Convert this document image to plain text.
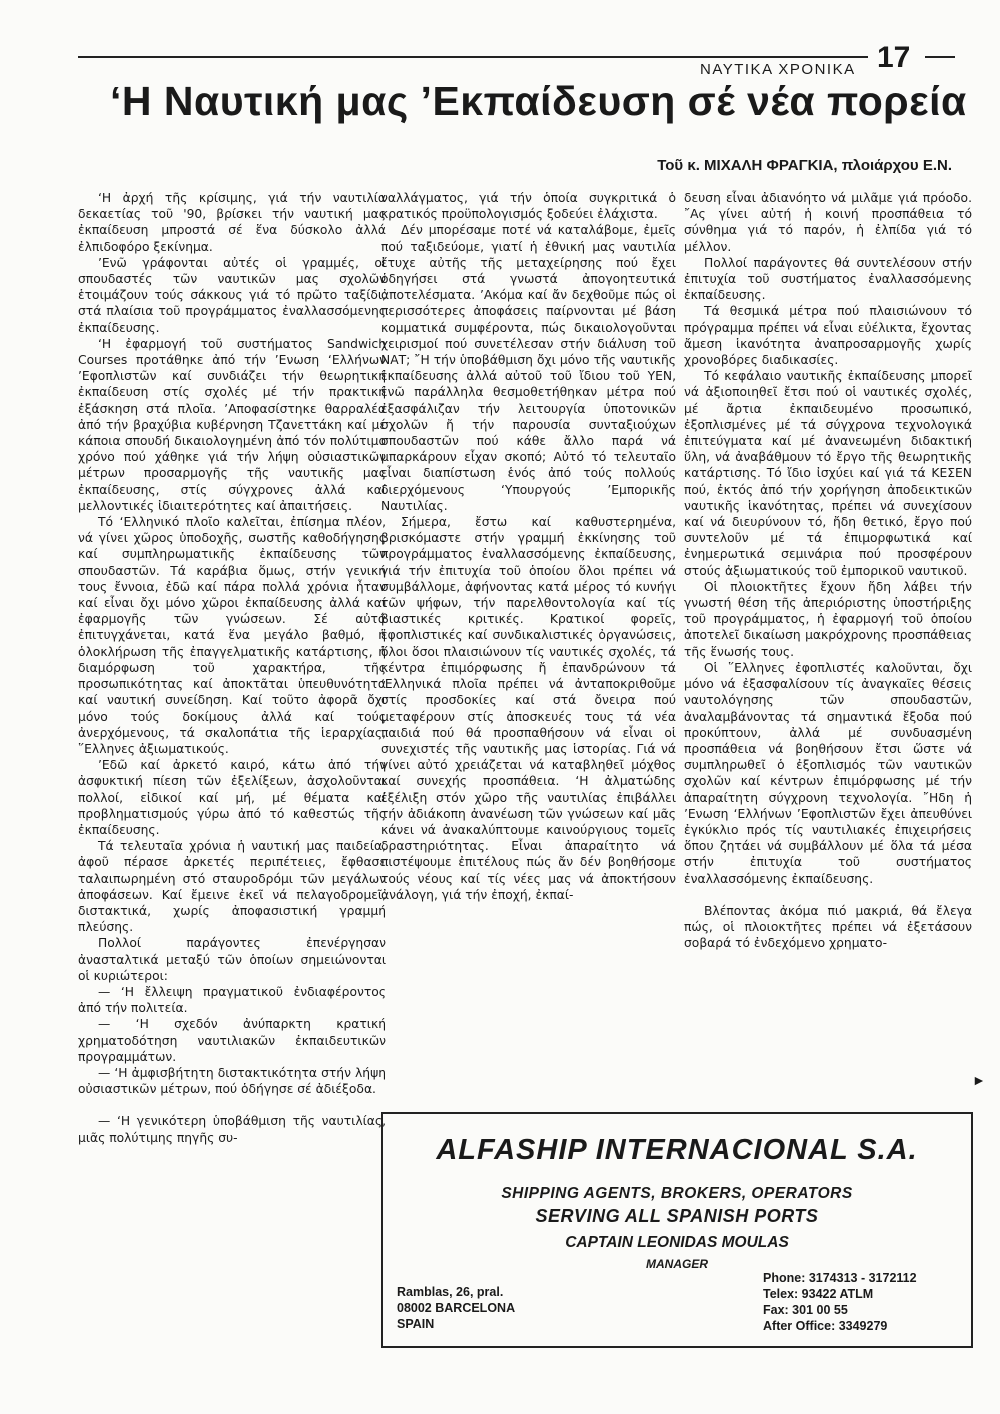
ΝΑΥΤΙΚΑ ΧΡΟΝΙΚΑ 17
‘Η Ναυτική μας ’Εκπαίδευση σέ νέα πορεία
Τοῦ κ. ΜΙΧΑΛΗ ΦΡΑΓΚΙΑ, πλοιάρχου Ε.Ν.

‘Η ἀρχή τῆς κρίσιμης, γιά τήν ναυτιλία δεκαετίας τοῦ '90, βρίσκει τήν ναυτική μας ἐκπαίδευση μπροστά σέ ἕνα δύσκολο ἀλλά ἐλπιδοφόρο ξεκίνημα.

’Ενῶ γράφονται αὐτές οἱ γραμμές, οἱ σπουδαστές τῶν ναυτικῶν μας σχολῶν ἑτοιμάζουν τούς σάκκους γιά τό πρῶτο ταξίδι, στά πλαίσια τοῦ προγράμματος ἐναλλασσόμενης ἐκπαίδευσης.

‘Η ἐφαρμογή τοῦ συστήματος Sandwich Courses προτάθηκε ἀπό τήν ’Ενωση ‘Ελλήνων ’Εφοπλιστῶν καί συνδιάζει τήν θεωρητική ἐκπαίδευση στίς σχολές μέ τήν πρακτική ἐξάσκηση στά πλοῖα. ’Αποφασίστηκε θαρραλέα ἀπό τήν βραχύβια κυβέρνηση Τζανεττάκη καί μέ κάποια σπουδή δικαιολογημένη ἀπό τόν πολύτιμο χρόνο πού χάθηκε γιά τήν λήψη οὐσιαστικῶν μέτρων προσαρμογῆς τῆς ναυτικῆς μας ἐκπαίδευσης, στίς σύγχρονες ἀλλά καί μελλοντικές ἰδιαιτερότητες καί ἀπαιτήσεις.

Τό ‘Ελληνικό πλοῖο καλεῖται, ἐπίσημα πλέον, νά γίνει χῶρος ὑποδοχῆς, σωστῆς καθοδήγησης καί συμπληρωματικῆς ἐκπαίδευσης τῶν σπουδαστῶν. Τά καράβια ὅμως, στήν γενική τους ἔννοια, ἐδῶ καί πάρα πολλά χρόνια ἦταν καί εἶναι ὄχι μόνο χῶροι ἐκπαίδευσης ἀλλά καί ἐφαρμογῆς τῶν γνώσεων. Σέ αὐτά ἐπιτυγχάνεται, κατά ἕνα μεγάλο βαθμό, ἡ ὁλοκλήρωση τῆς ἐπαγγελματικῆς κατάρτισης, ἡ διαμόρφωση τοῦ χαρακτήρα, τῆς προσωπικότητας καί ἀποκτᾶται ὑπευθυνότητα καί ναυτική συνείδηση. Καί τοῦτο ἀφορᾶ ὄχι μόνο τούς δοκίμους ἀλλά καί τούς ἀνερχόμενους, τά σκαλοπάτια τῆς ἱεραρχίας, ῞Ελληνες ἀξιωματικούς.

’Εδῶ καί ἀρκετό καιρό, κάτω ἀπό τήν ἀσφυκτική πίεση τῶν ἐξελίξεων, ἀσχολοῦνται πολλοί, εἰδικοί καί μή, μέ θέματα καί προβληματισμούς γύρω ἀπό τό καθεστώς τῆς ἐκπαίδευσης.

Τά τελευταῖα χρόνια ἡ ναυτική μας παιδεία, ἀφοῦ πέρασε ἀρκετές περιπέτειες, ἔφθασε ταλαιπωρημένη στό σταυροδρόμι τῶν μεγάλων ἀποφάσεων. Καί ἔμεινε ἐκεῖ νά πελαγοδρομεῖ, διστακτικά, χωρίς ἀποφασιστική γραμμή πλεύσης.

Πολλοί παράγοντες ἐπενέργησαν ἀνασταλτικά μεταξύ τῶν ὁποίων σημειώνονται οἱ κυριώτεροι:

— ‘Η ἔλλειψη πραγματικοῦ ἐνδιαφέροντος ἀπό τήν πολιτεία.

— ‘Η σχεδόν ἀνύπαρκτη κρατική χρηματοδότηση ναυτιλιακῶν ἐκπαιδευτικῶν προγραμμάτων.

— ‘Η ἀμφισβήτητη διστακτικότητα στήν λήψη οὐσιαστικῶν μέτρων, πού ὁδήγησε σέ ἀδιέξοδα.

— ‘Η γενικότερη ὑποβάθμιση τῆς ναυτιλίας, μιᾶς πολύτιμης πηγῆς συ-

ναλλάγματος, γιά τήν ὁποία συγκριτικά ὁ κρατικός προϋπολογισμός ξοδεύει ἐλάχιστα.

Δέν μπορέσαμε ποτέ νά καταλάβομε, ἐμεῖς πού ταξιδεύομε, γιατί ἡ ἐθνική μας ναυτιλία ἔτυχε αὐτῆς τῆς μεταχείρησης πού ἔχει ὁδηγήσει στά γνωστά ἀπογοητευτικά ἀποτελέσματα. ’Ακόμα καί ἄν δεχθοῦμε πώς οἱ περισσότερες ἀποφάσεις παίρνονται μέ βάση κομματικά συμφέροντα, πώς δικαιολογοῦνται χειρισμοί πού συνετέλεσαν στήν διάλυση τοῦ ΝΑΤ; ῎Η τήν ὑποβάθμιση ὄχι μόνο τῆς ναυτικῆς ἐκπαίδευσης ἀλλά αὐτοῦ τοῦ ἴδιου τοῦ ΥΕΝ, ἐνῶ παράλληλα θεσμοθετήθηκαν μέτρα πού ἐξασφάλιζαν τήν λειτουργία ὑποτονικῶν σχολῶν ἤ τήν παρουσία συνταξιούχων σπουδαστῶν πού κάθε ἄλλο παρά νά μπαρκάρουν εἶχαν σκοπό; Αὐτό τό τελευταῖο εἶναι διαπίστωση ἑνός ἀπό τούς πολλούς διερχόμενους ‘Υπουργούς ’Εμπορικῆς Ναυτιλίας.

Σήμερα, ἔστω καί καθυστερημένα, βρισκόμαστε στήν γραμμή ἐκκίνησης τοῦ προγράμματος ἐναλλασσόμενης ἐκπαίδευσης, γιά τήν ἐπιτυχία τοῦ ὁποίου ὅλοι πρέπει νά συμβάλλομε, ἀφήνοντας κατά μέρος τό κυνήγι τῶν ψήφων, τήν παρελθοντολογία καί τίς βιαστικές κριτικές. Κρατικοί φορεῖς, ἐφοπλιστικές καί συνδικαλιστικές ὀργανώσεις, ὅλοι ὅσοι πλαισιώνουν τίς ναυτικές σχολές, τά κέντρα ἐπιμόρφωσης ἤ ἐπανδρώνουν τά ‘Ελληνικά πλοῖα πρέπει νά ἀνταποκριθοῦμε στίς προσδοκίες καί στά ὄνειρα πού μεταφέρουν στίς ἀποσκευές τους τά νέα παιδιά πού θά προσπαθήσουν νά εἶναι οἱ συνεχιστές τῆς ναυτικῆς μας ἱστορίας. Γιά νά γίνει αὐτό χρειάζεται νά καταβληθεῖ μόχθος καί συνεχής προσπάθεια. ‘Η ἀλματώδης ἐξέλιξη στόν χῶρο τῆς ναυτιλίας ἐπιβάλλει τήν ἀδιάκοπη ἀνανέωση τῶν γνώσεων καί μᾶς κάνει νά ἀνακαλύπτουμε καινούργιους τομεῖς δραστηριότητας. Εἶναι ἀπαραίτητο νά πιστέψουμε ἐπιτέλους πώς ἄν δέν βοηθήσομε τούς νέους καί τίς νέες μας νά ἀποκτήσουν ἀνάλογη, γιά τήν ἐποχή, ἐκπαί-

δευση εἶναι ἀδιανόητο νά μιλᾶμε γιά πρόοδο. ῎Ας γίνει αὐτή ἡ κοινή προσπάθεια τό σύνθημα γιά τό παρόν, ἡ ἐλπίδα γιά τό μέλλον.

Πολλοί παράγοντες θά συντελέσουν στήν ἐπιτυχία τοῦ συστήματος ἐναλλασσόμενης ἐκπαίδευσης.

Τά θεσμικά μέτρα πού πλαισιώνουν τό πρόγραμμα πρέπει νά εἶναι εὐέλικτα, ἔχοντας ἄμεση ἱκανότητα ἀναπροσαρμογῆς χωρίς χρονοβόρες διαδικασίες.

Τό κεφάλαιο ναυτικῆς ἐκπαίδευσης μπορεῖ νά ἀξιοποιηθεῖ ἔτσι πού οἱ ναυτικές σχολές, μέ ἄρτια ἐκπαιδευμένο προσωπικό, ἐξοπλισμένες μέ τά σύγχρονα τεχνολογικά ἐπιτεύγματα καί μέ ἀνανεωμένη διδακτική ὕλη, νά ἀναβάθμουν τό ἔργο τῆς θεωρητικῆς κατάρτισης. Τό ἴδιο ἰσχύει καί γιά τά ΚΕΣΕΝ πού, ἐκτός ἀπό τήν χορήγηση ἀποδεικτικῶν ναυτικῆς ἱκανότητας, πρέπει νά συνεχίσουν καί νά διευρύνουν τό, ἤδη θετικό, ἔργο πού συντελοῦν μέ τά ἐπιμορφωτικά καί ἐνημερωτικά σεμινάρια πού προσφέρουν στούς ἀξιωματικούς τοῦ ἐμπορικοῦ ναυτικοῦ.

Οἱ πλοιοκτῆτες ἔχουν ἤδη λάβει τήν γνωστή θέση τῆς ἀπεριόριστης ὑποστήριξης τοῦ προγράμματος, ἡ ἐφαρμογή τοῦ ὁποίου ἀποτελεῖ δικαίωση μακρόχρονης προσπάθειας τῆς ἕνωσής τους.

Οἱ ῞Ελληνες ἐφοπλιστές καλοῦνται, ὄχι μόνο νά ἐξασφαλίσουν τίς ἀναγκαῖες θέσεις ναυτολόγησης τῶν σπουδαστῶν, ἀναλαμβάνοντας τά σημαντικά ἔξοδα πού προκύπτουν, ἀλλά μέ συνδυασμένη προσπάθεια νά βοηθήσουν ἔτσι ὥστε νά συμπληρωθεῖ ὁ ἐξοπλισμός τῶν ναυτικῶν σχολῶν καί κέντρων ἐπιμόρφωσης μέ τήν ἀπαραίτητη σύγχρονη τεχνολογία. ῎Ηδη ἡ ’Ενωση ‘Ελλήνων ’Εφοπλιστῶν ἔχει ἀπευθύνει ἐγκύκλιο πρός τίς ναυτιλιακές ἐπιχειρήσεις ὅπου ζητάει νά συμβάλλουν μέ ὅλα τά μέσα στήν ἐπιτυχία τοῦ συστήματος ἐναλλασσόμενης ἐκπαίδευσης.

Βλέποντας ἀκόμα πιό μακριά, θά ἔλεγα πώς, οἱ πλοιοκτῆτες πρέπει νά ἐξετάσουν σοβαρά τό ἐνδεχόμενο χρηματο-

►
ALFASHIP INTERNACIONAL S.A.
SHIPPING AGENTS, BROKERS, OPERATORS
SERVING ALL SPANISH PORTS
CAPTAIN LEONIDAS MOULAS
MANAGER
Ramblas, 26, pral.
08002 BARCELONA
SPAIN
Phone: 3174313 - 3172112
Telex: 93422 ATLM
Fax: 301 00 55
After Office: 3349279
